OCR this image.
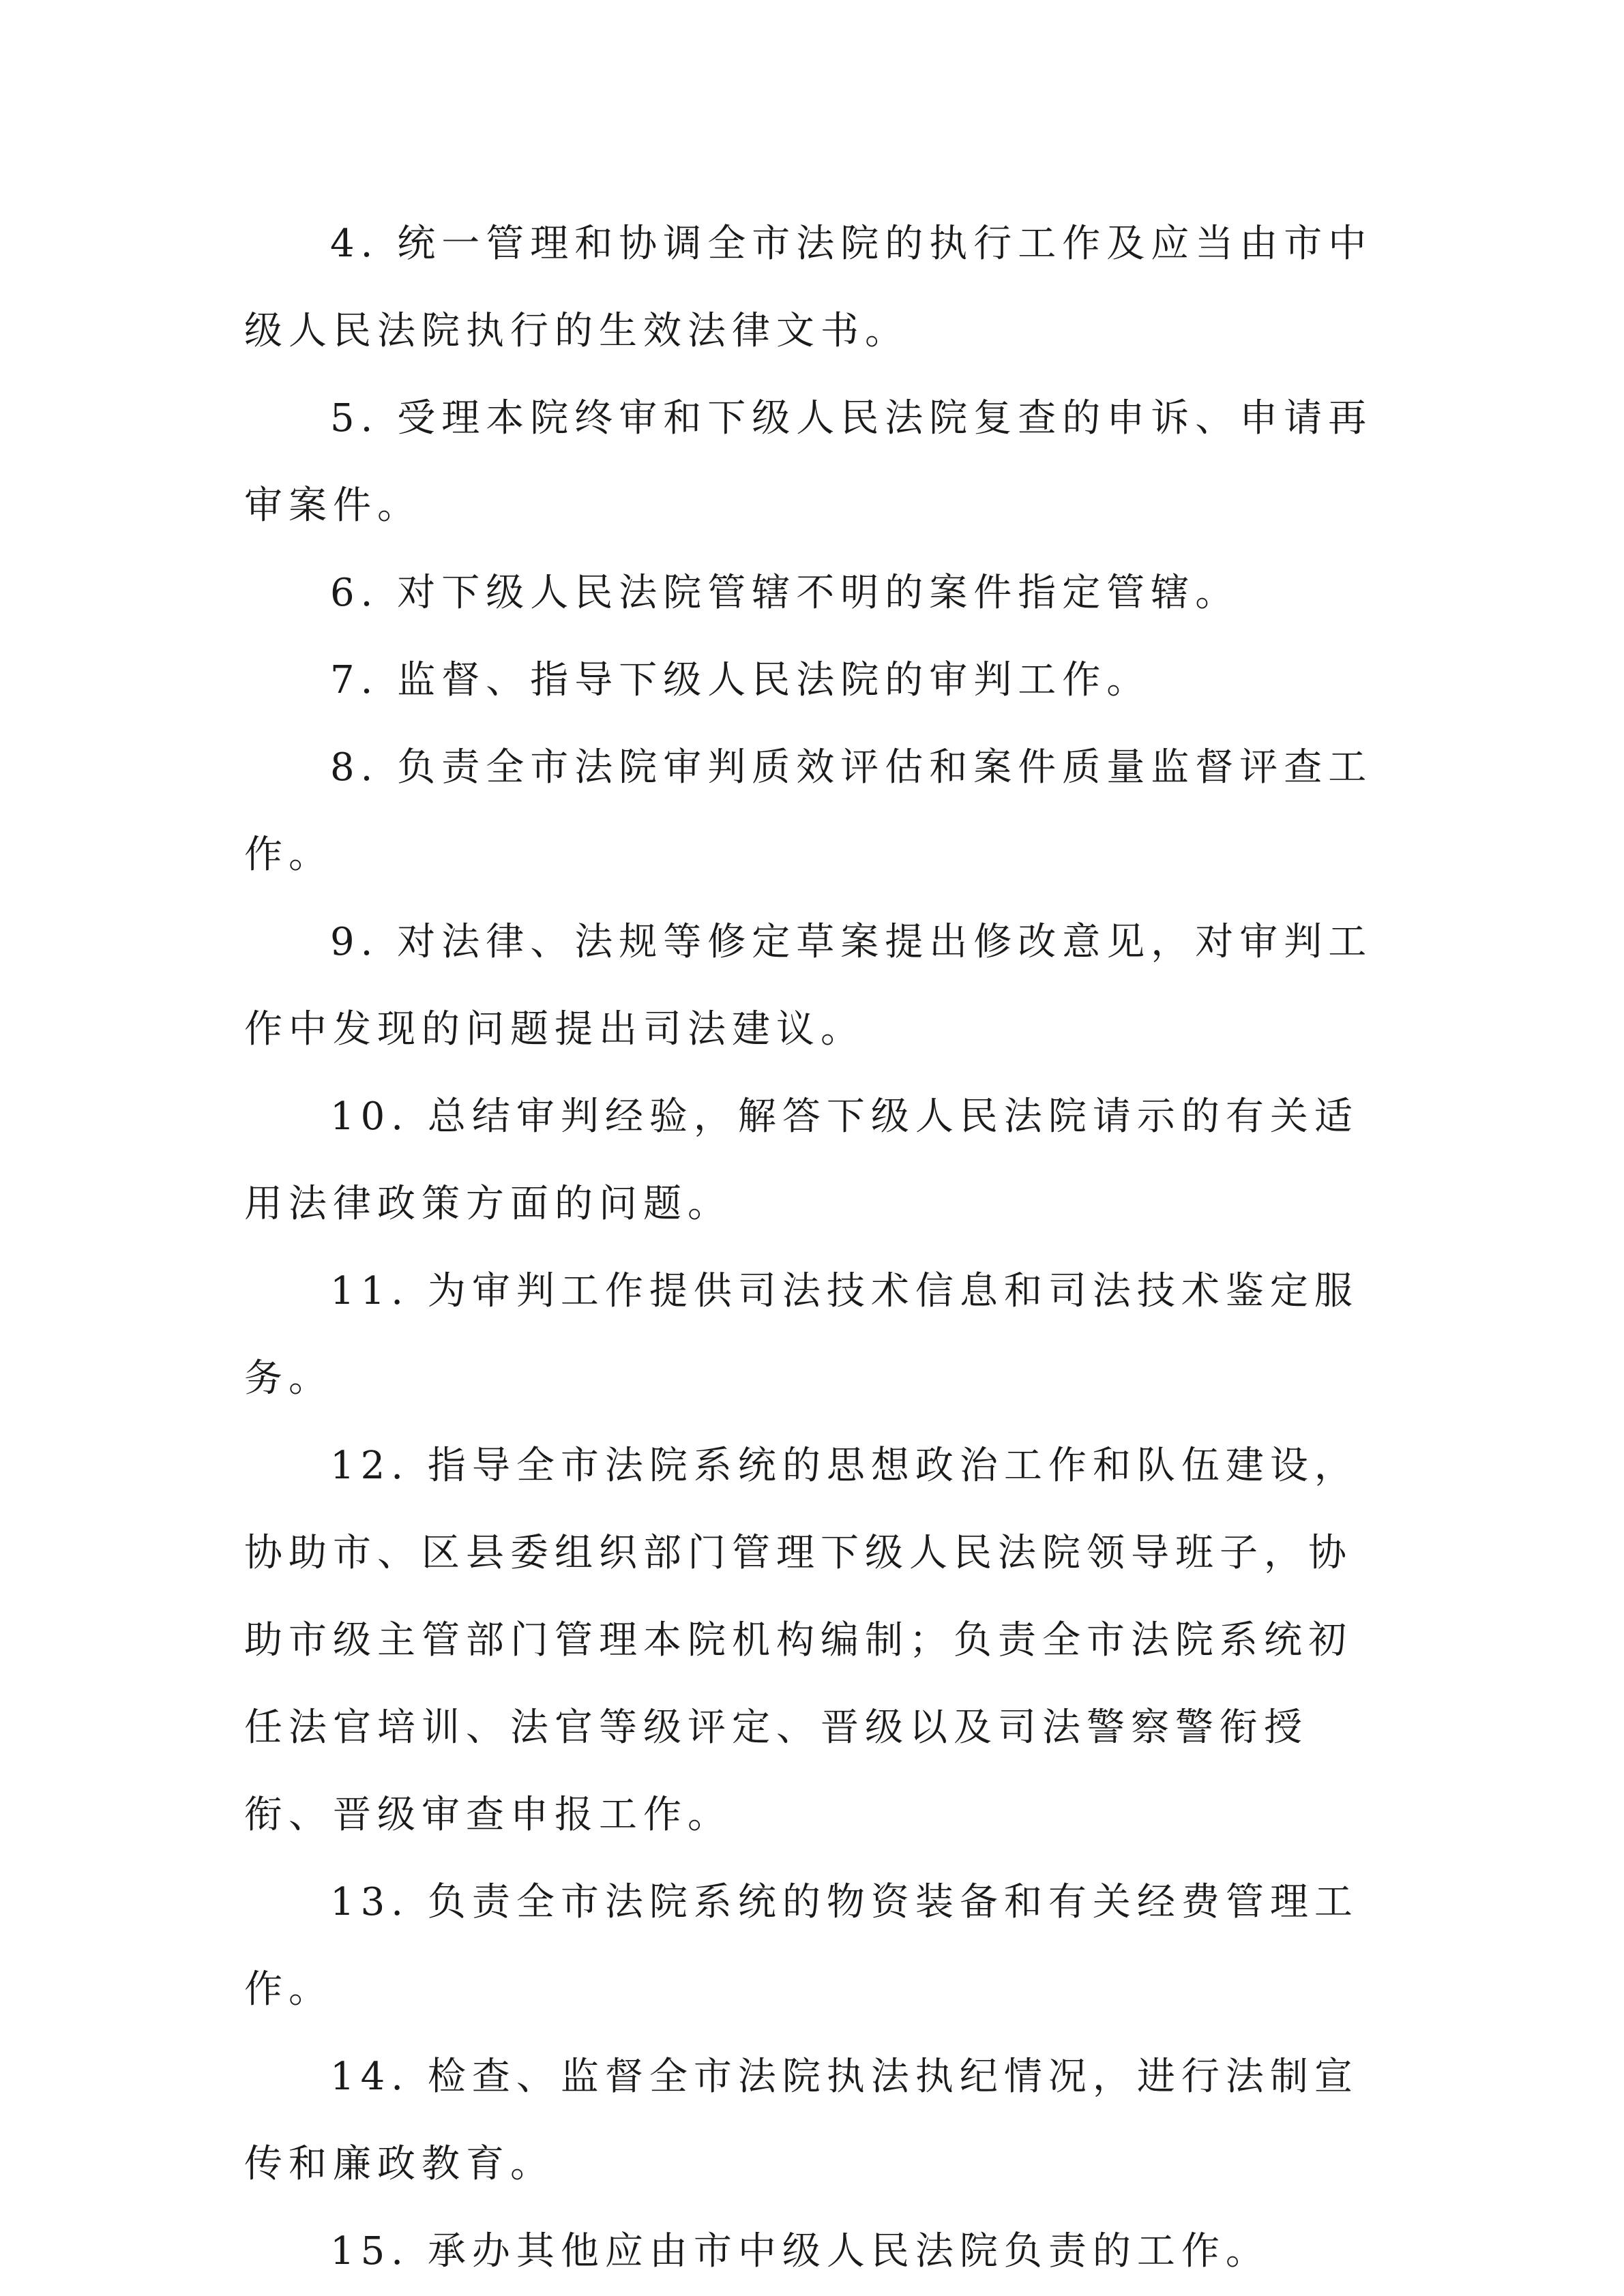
4. 统一管理和协调全市法院的执行工作及应当由市中级人民法院执行的生效法律文书。

5. 受理本院终审和下级人民法院复查的申诉、申请再审案件。

6. 对下级人民法院管辖不明的案件指定管辖。

7. 监督、指导下级人民法院的审判工作。

8. 负责全市法院审判质效评估和案件质量监督评查工作。

9. 对法律、法规等修定草案提出修改意见，对审判工作中发现的问题提出司法建议。

10. 总结审判经验，解答下级人民法院请示的有关适用法律政策方面的问题。

11. 为审判工作提供司法技术信息和司法技术鉴定服务。

12. 指导全市法院系统的思想政治工作和队伍建设，协助市、区县委组织部门管理下级人民法院领导班子，协助市级主管部门管理本院机构编制；负责全市法院系统初任法官培训、法官等级评定、晋级以及司法警察警衔授衔、晋级审查申报工作。

13. 负责全市法院系统的物资装备和有关经费管理工作。

14. 检查、监督全市法院执法执纪情况，进行法制宣传和廉政教育。

15. 承办其他应由市中级人民法院负责的工作。
